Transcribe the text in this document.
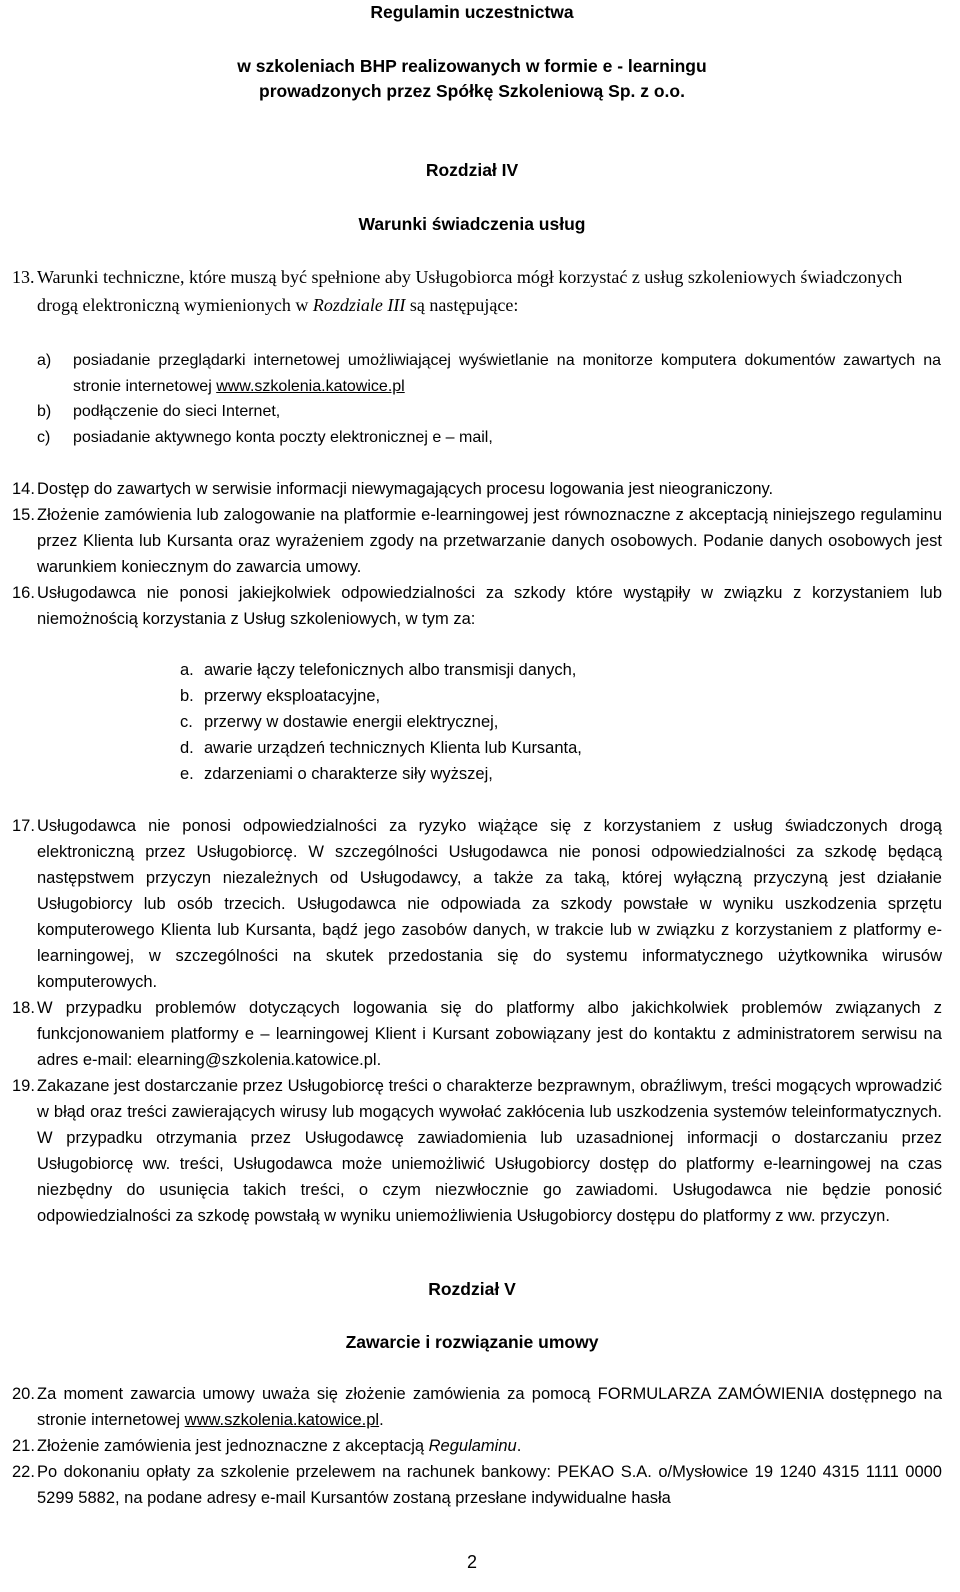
Regulamin uczestnictwa
w szkoleniach BHP realizowanych w formie e - learningu
prowadzonych przez Spółkę Szkoleniową Sp. z o.o.
Rozdział IV
Warunki świadczenia usług
13. Warunki techniczne, które muszą być spełnione aby Usługobiorca mógł korzystać z usług szkoleniowych świadczonych drogą elektroniczną wymienionych w Rozdziale III są następujące:
a)	posiadanie przeglądarki internetowej umożliwiającej wyświetlanie na monitorze komputera dokumentów zawartych na stronie internetowej www.szkolenia.katowice.pl
b)	podłączenie do sieci Internet,
c)	posiadanie aktywnego konta poczty elektronicznej e – mail,
14. Dostęp do zawartych w serwisie informacji niewymagających procesu logowania jest nieograniczony.
15. Złożenie zamówienia lub zalogowanie na platformie e-learningowej jest równoznaczne z akceptacją niniejszego regulaminu przez Klienta lub Kursanta oraz wyrażeniem zgody na przetwarzanie danych osobowych. Podanie danych osobowych jest warunkiem koniecznym do zawarcia umowy.
16. Usługodawca nie ponosi jakiejkolwiek odpowiedzialności za szkody które wystąpiły w związku z korzystaniem lub niemożnością korzystania z Usług szkoleniowych, w tym za:
a. awarie łączy telefonicznych albo transmisji danych,
b. przerwy eksploatacyjne,
c. przerwy w dostawie energii elektrycznej,
d. awarie urządzeń technicznych Klienta lub Kursanta,
e. zdarzeniami o charakterze siły wyższej,
17. Usługodawca nie ponosi odpowiedzialności za ryzyko wiążące się z korzystaniem z usług świadczonych drogą elektroniczną przez Usługobiorcę. W szczególności Usługodawca nie ponosi odpowiedzialności za szkodę będącą następstwem przyczyn niezależnych od Usługodawcy, a także za taką, której wyłączną przyczyną jest działanie Usługobiorcy lub osób trzecich. Usługodawca nie odpowiada za szkody powstałe w wyniku uszkodzenia sprzętu komputerowego Klienta lub Kursanta, bądź jego zasobów danych, w trakcie lub w związku z korzystaniem z platformy e-learningowej, w szczególności na skutek przedostania się do systemu informatycznego użytkownika wirusów komputerowych.
18. W przypadku problemów dotyczących logowania się do platformy albo jakichkolwiek problemów związanych z funkcjonowaniem platformy e – learningowej Klient i Kursant zobowiązany jest do kontaktu z administratorem serwisu na adres e-mail: elearning@szkolenia.katowice.pl.
19. Zakazane jest dostarczanie przez Usługobiorcę treści o charakterze bezprawnym, obraźliwym, treści mogących wprowadzić w błąd oraz treści zawierających wirusy lub mogących wywołać zakłócenia lub uszkodzenia systemów teleinformatycznych. W przypadku otrzymania przez Usługodawcę zawiadomienia lub uzasadnionej informacji o dostarczaniu przez Usługobiorcę ww. treści, Usługodawca może uniemożliwić Usługobiorcy dostęp do platformy e-learningowej na czas niezbędny do usunięcia takich treści, o czym niezwłocznie go zawiadomi. Usługodawca nie będzie ponosić odpowiedzialności za szkodę powstałą w wyniku uniemożliwienia Usługobiorcy dostępu do platformy z ww. przyczyn.
Rozdział V
Zawarcie i rozwiązanie umowy
20. Za moment zawarcia umowy uważa się złożenie zamówienia za pomocą FORMULARZA ZAMÓWIENIA dostępnego na stronie internetowej www.szkolenia.katowice.pl.
21. Złożenie zamówienia jest jednoznaczne z akceptacją Regulaminu.
22. Po dokonaniu opłaty za szkolenie przelewem na rachunek bankowy: PEKAO S.A. o/Mysłowice 19 1240 4315 1111 0000 5299 5882, na podane adresy e-mail Kursantów zostaną przesłane indywidualne hasła
2
